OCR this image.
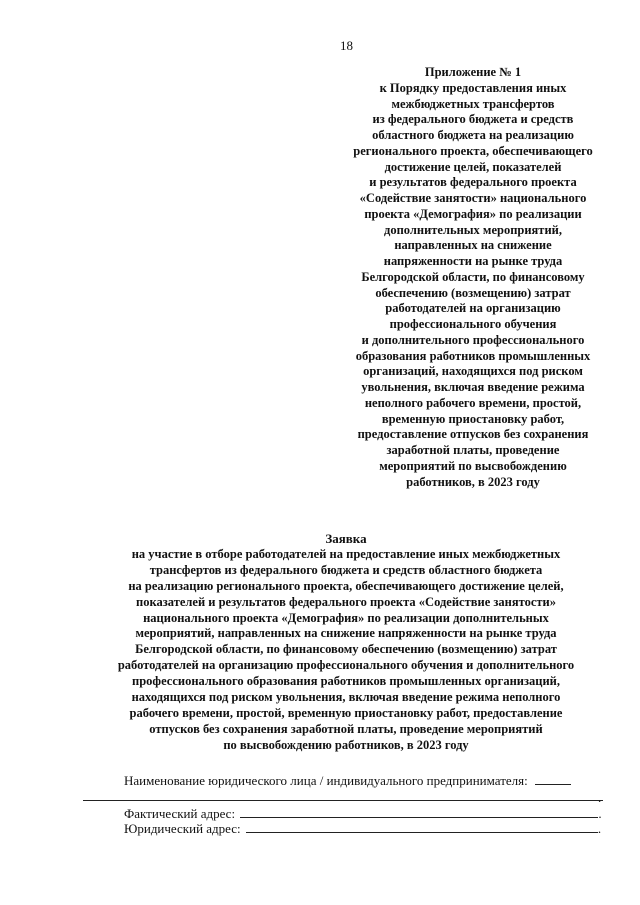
18
Приложение № 1
к Порядку предоставления иных
межбюджетных трансфертов
из федерального бюджета и средств
областного бюджета на реализацию
регионального проекта, обеспечивающего
достижение целей, показателей
и результатов федерального проекта
«Содействие занятости» национального
проекта «Демография» по реализации
дополнительных мероприятий,
направленных на снижение
напряженности на рынке труда
Белгородской области, по финансовому
обеспечению (возмещению) затрат
работодателей на организацию
профессионального обучения
и дополнительного профессионального
образования работников промышленных
организаций, находящихся под риском
увольнения, включая введение режима
неполного рабочего времени, простой,
временную приостановку работ,
предоставление отпусков без сохранения
заработной платы, проведение
мероприятий по высвобождению
работников, в 2023 году
Заявка
на участие в отборе работодателей на предоставление иных межбюджетных
трансфертов из федерального бюджета и средств областного бюджета
на реализацию регионального проекта, обеспечивающего достижение целей,
показателей и результатов федерального проекта «Содействие занятости»
национального проекта «Демография» по реализации дополнительных
мероприятий, направленных на снижение напряженности на рынке труда
Белгородской области, по финансовому обеспечению (возмещению) затрат
работодателей на организацию профессионального обучения и дополнительного
профессионального образования работников промышленных организаций,
находящихся под риском увольнения, включая введение режима неполного
рабочего времени, простой, временную приостановку работ, предоставление
отпусков без сохранения заработной платы, проведение мероприятий
по высвобождению работников, в 2023 году
Наименование юридического лица / индивидуального предпринимателя:
.
Фактический адрес:	.
Юридический адрес:	.
